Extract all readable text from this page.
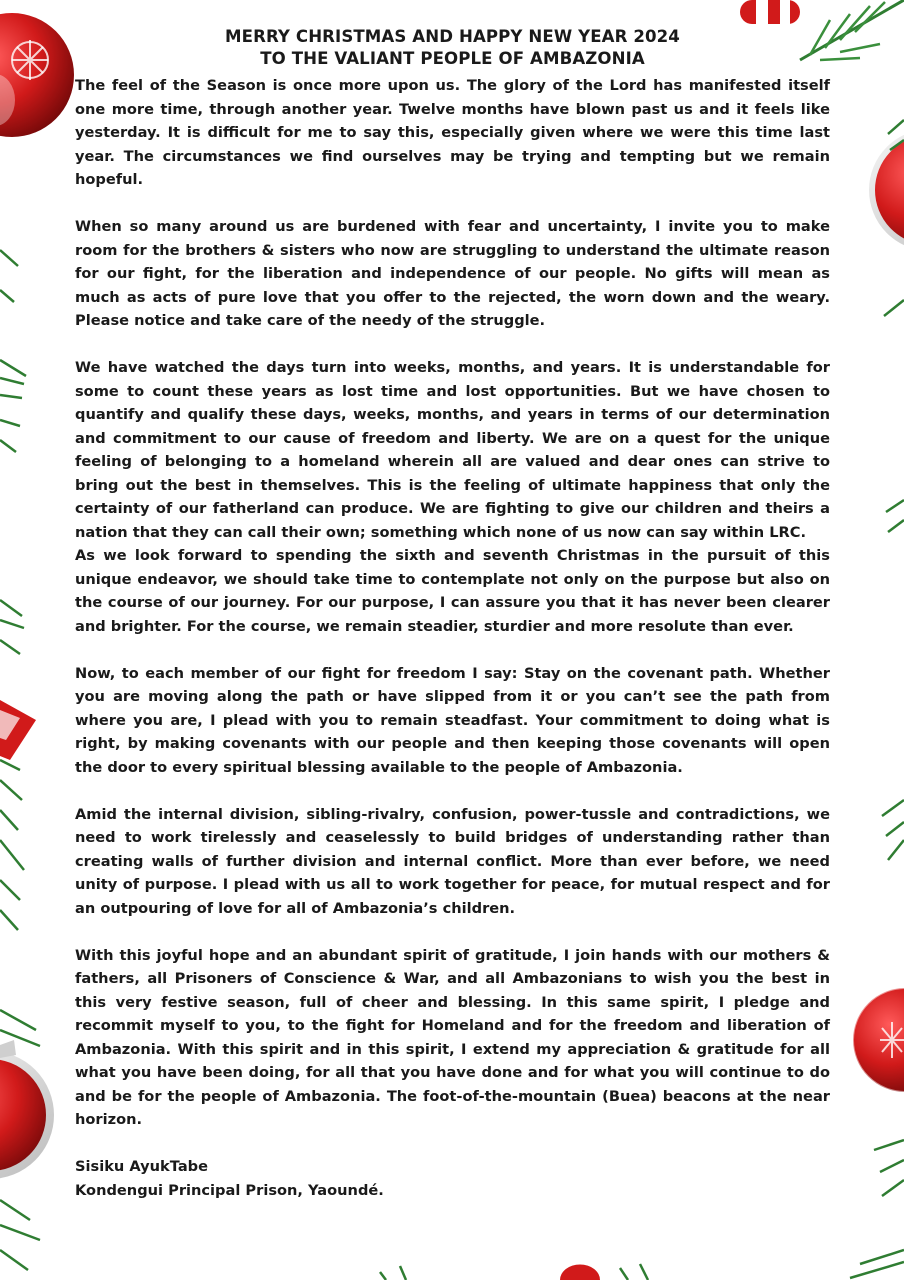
MERRY CHRISTMAS AND HAPPY NEW YEAR 2024
TO THE VALIANT PEOPLE OF AMBAZONIA

The feel of the Season is once more upon us. The glory of the Lord has manifested itself one more time, through another year. Twelve months have blown past us and it feels like yesterday. It is difficult for me to say this, especially given where we were this time last year. The circumstances we find ourselves may be trying and tempting but we remain hopeful.

When so many around us are burdened with fear and uncertainty, I invite you to make room for the brothers & sisters who now are struggling to understand the ultimate reason for our fight, for the liberation and independence of our people. No gifts will mean as much as acts of pure love that you offer to the rejected, the worn down and the weary. Please notice and take care of the needy of the struggle.

We have watched the days turn into weeks, months, and years. It is understandable for some to count these years as lost time and lost opportunities. But we have chosen to quantify and qualify these days, weeks, months, and years in terms of our determination and commitment to our cause of freedom and liberty. We are on a quest for the unique feeling of belonging to a homeland wherein all are valued and dear ones can strive to bring out the best in themselves. This is the feeling of ultimate happiness that only the certainty of our fatherland can produce. We are fighting to give our children and theirs a nation that they can call their own; something which none of us now can say within LRC.

As we look forward to spending the sixth and seventh Christmas in the pursuit of this unique endeavor, we should take time to contemplate not only on the purpose but also on the course of our journey. For our purpose, I can assure you that it has never been clearer and brighter. For the course, we remain steadier, sturdier and more resolute than ever.

Now, to each member of our fight for freedom I say: Stay on the covenant path. Whether you are moving along the path or have slipped from it or you can’t see the path from where you are, I plead with you to remain steadfast. Your commitment to doing what is right, by making covenants with our people and then keeping those covenants will open the door to every spiritual blessing available to the people of Ambazonia.

Amid the internal division, sibling-rivalry, confusion, power-tussle and contradictions, we need to work tirelessly and ceaselessly to build bridges of understanding rather than creating walls of further division and internal conflict. More than ever before, we need unity of purpose. I plead with us all to work together for peace, for mutual respect and for an outpouring of love for all of Ambazonia’s children.

With this joyful hope and an abundant spirit of gratitude, I join hands with our mothers & fathers, all Prisoners of Conscience & War, and all Ambazonians to wish you the best in this very festive season, full of cheer and blessing. In this same spirit, I pledge and recommit myself to you, to the fight for Homeland and for the freedom and liberation of Ambazonia. With this spirit and in this spirit, I extend my appreciation & gratitude for all what you have been doing, for all that you have done and for what you will continue to do and be for the people of Ambazonia. The foot-of-the-mountain (Buea) beacons at the near horizon.

Sisiku AyukTabe
Kondengui Principal Prison, Yaoundé.
